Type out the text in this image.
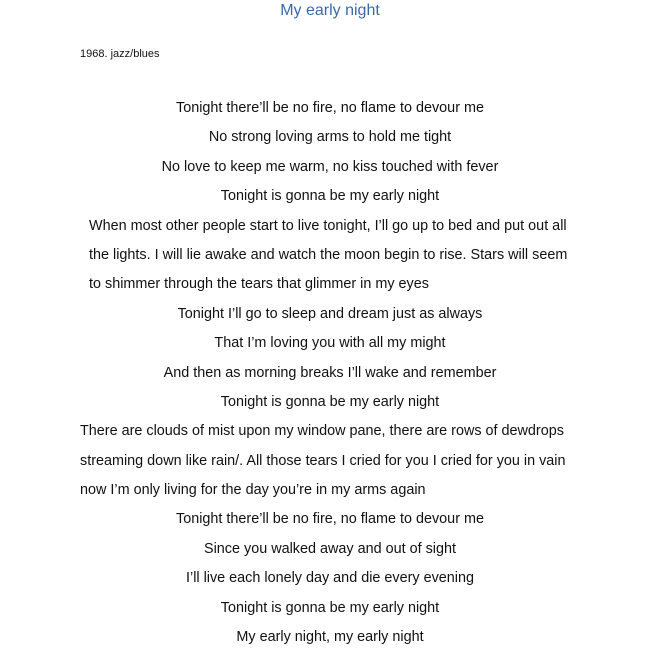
My early night
1968. jazz/blues
Tonight there’ll be no fire, no flame to devour me
No strong loving arms to hold me tight
No love to keep me warm, no kiss touched with fever
Tonight is gonna be my early night
When most other people start to live tonight, I’ll go up to bed and put out all
the lights. I will lie awake and watch the moon begin to rise. Stars will seem
to shimmer through the tears that glimmer in my eyes
Tonight I’ll go to sleep and dream just as always
That I’m loving you with all my might
And then as morning breaks I’ll wake and remember
Tonight is gonna be my early night
There are clouds of mist upon my window pane, there are rows of dewdrops
streaming down like rain/. All those tears I cried for you I cried for you in vain
now I’m only living for the day you’re in my arms again
Tonight there’ll be no fire, no flame to devour me
Since you walked away and out of sight
I’ll live each lonely day and die every evening
Tonight is gonna be my early night
My early night, my early night
